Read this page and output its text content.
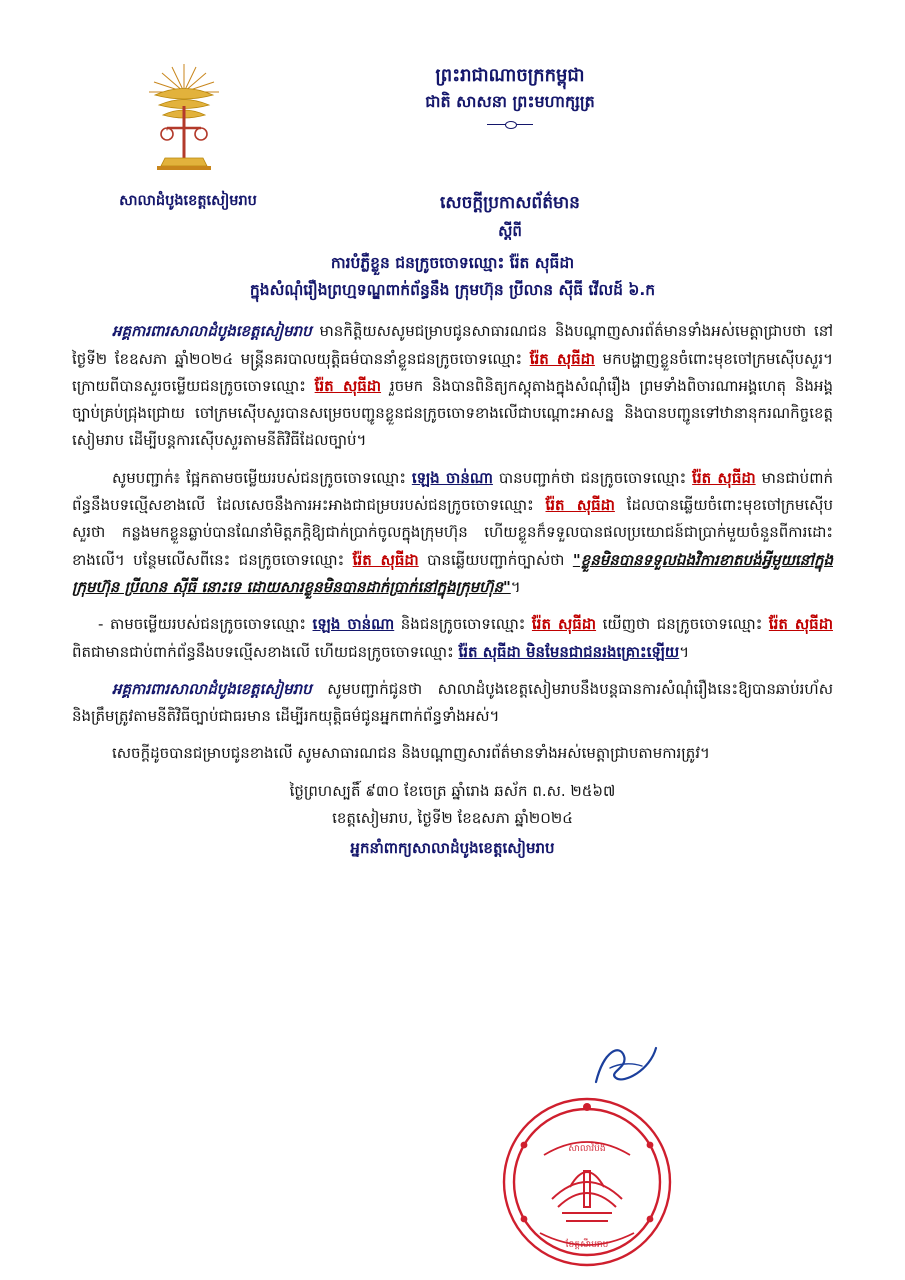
សាលាដំបូងខេត្តសៀមរាប
ព្រះរាជាណាចក្រកម្ពុជា
ជាតិ សាសនា ព្រះមហាក្សត្រ
សេចក្ដីប្រកាសព័ត៌មាន
ស្ដីពី
ការបំភ្លឺខ្លួន ជនក្រូចចោទឈ្មោះ រ៉ែត សុធីដា
ក្នុងសំណុំរឿងព្រហ្មទណ្ឌពាក់ព័ន្ធនឹង ក្រុមហ៊ុន ប្រីលាន ស៊ីធី វើលដ៍ ៦.ក
អគ្គការពារសាលាដំបូងខេត្តសៀមរាប មានកិត្តិយសសូមជម្រាបជូនសាធារណជន និងបណ្ដាញសារព័ត៌មានទាំងអស់មេត្តាជ្រាបថា នៅថ្ងៃទី២ ខែឧសភា ឆ្នាំ២០២៤ មន្ត្រីនគរបាលយុត្តិធម៌បាននាំខ្លួនជនក្រូចចោទឈ្មោះ រ៉ែត សុធីដា មកបង្ហាញខ្លួនចំពោះមុខចៅក្រមស៊ើបសួរ។ ក្រោយពីបានសួរចម្លើយជនក្រូចចោទឈ្មោះ រ៉ែត សុធីដា រួចមក និងបានពិនិត្យកស្តុតាងក្នុងសំណុំរឿង ព្រមទាំងពិចារណាអង្គហេតុ និងអង្គច្បាប់គ្រប់ជ្រុងជ្រោយ ចៅក្រមស៊ើបសួរបានសម្រេចបញ្ជូនខ្លួនជនក្រូចចោទខាងលើជាបណ្ដោះអាសន្ន និងបានបញ្ជូនទៅឋានានុករណកិច្ចខេត្តសៀមរាប ដើម្បីបន្តការស៊ើបសួរតាមនីតិវិធីដែលច្បាប់។
សូមបញ្ជាក់៖ ផ្អែកតាមចម្លើយរបស់ជនក្រូចចោទឈ្មោះ ឡេង ចាន់ណា បានបញ្ជាក់ថា ជនក្រូចចោទឈ្មោះ រ៉ែត សុធីដា មានជាប់ពាក់ព័ន្ធនឹងបទល្មើសខាងលើ ដែលសេចនឹងការអះអាងជាជម្របរបស់ជនក្រូចចោទឈ្មោះ រ៉ែត សុធីដា ដែលបានឆ្លើយចំពោះមុខចៅក្រមស៊ើបសួរថា កន្លងមកខ្លួនឆ្លាប់បានណែនាំមិត្តភក្តិឱ្យជាក់ប្រាក់ចូលក្នុងក្រុមហ៊ុន ហើយខ្លួនក៏ទទួលបានផលប្រយោជន៍ជាប្រាក់មួយចំនួនពីការដោះខាងលើ។ បន្ថែមលើសពីនេះ ជនក្រូចចោទឈ្មោះ រ៉ែត សុធីដា បានឆ្លើយបញ្ជាក់ច្បាស់ថា "ខ្លួនមិនបានទទួលឯងវិការខាតបង់អ្វីមួយនៅក្នុងក្រុមហ៊ុន ប្រីលាន ស៊ីធី នោះទេ ដោយសារខ្លួនមិនបានដាក់ប្រាក់នៅក្នុងក្រុមហ៊ុន"។
- តាមចម្លើយរបស់ជនក្រូចចោទឈ្មោះ ឡេង ចាន់ណា និងជនក្រូចចោទឈ្មោះ រ៉ែត សុធីដា យើញថា ជនក្រូចចោទឈ្មោះ រ៉ែត សុធីដា ពិតជាមានជាប់ពាក់ព័ន្ធនឹងបទល្មើសខាងលើ ហើយជនក្រូចចោទឈ្មោះ រ៉ែត សុធីដា មិនមែនជាជនរងគ្រោះឡើយ។
អគ្គការពារសាលាដំបូងខេត្តសៀមរាប សូមបញ្ជាក់ជូនថា សាលាដំបូងខេត្តសៀមរាបនឹងបន្តធានការសំណុំរឿងនេះឱ្យបានឆាប់រហ័ស និងត្រឹមត្រូវតាមនីតិវិធីច្បាប់ជាធរមាន ដើម្បីរកយុត្តិធម៌ជូនអ្នកពាក់ព័ន្ធទាំងអស់។
សេចក្ដីដូចបានជម្រាបជូនខាងលើ សូមសាធារណជន និងបណ្ដាញសារព័ត៌មានទាំងអស់មេត្តាជ្រាបតាមការត្រូវ។
ថ្ងៃព្រហស្បតិ៍ ៩៣០ ខែចេត្រ ឆ្នាំរោង ឆស័ក ព.ស. ២៥៦៧
ខេត្តសៀមរាប, ថ្ងៃទី២ ខែឧសភា ឆ្នាំ២០២៤
អ្នកនាំពាក្យសាលាដំបូងខេត្តសៀមរាប
សាលាវំបឹង
ខែត្តសឹាមរាប
